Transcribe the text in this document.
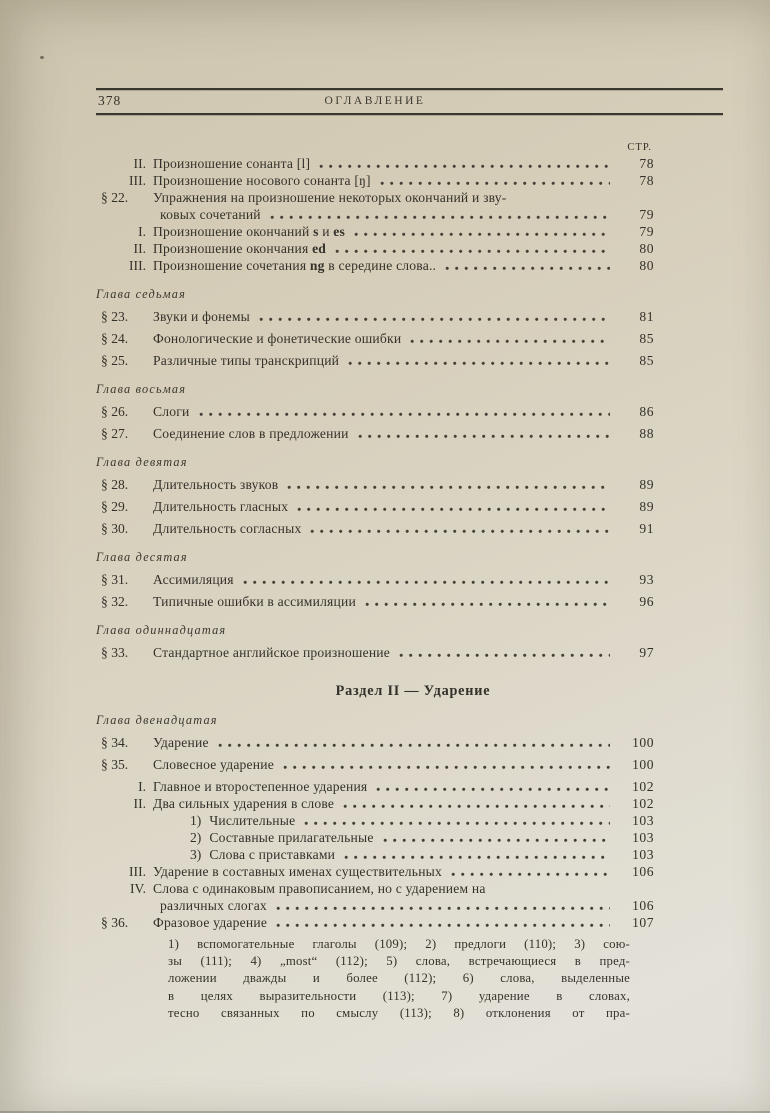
378	ОГЛАВЛЕНИЕ
СТР.
II. Произношение сонанта [l]	78
III. Произношение носового сонанта [ŋ]	78
§ 22.	Упражнения на произношение некоторых окончаний и зву-
ковых сочетаний	79
I. Произношение окончаний s и es	79
II. Произношение окончания ed	80
III. Произношение сочетания ng в середине слова..	80
Глава седьмая
§ 23.	Звуки и фонемы	81
§ 24.	Фонологические и фонетические ошибки	85
§ 25.	Различные типы транскрипций	85
Глава восьмая
§ 26.	Слоги	86
§ 27.	Соединение слов в предложении	88
Глава девятая
§ 28.	Длительность звуков	89
§ 29.	Длительность гласных	89
§ 30.	Длительность согласных	91
Глава десятая
§ 31.	Ассимиляция	93
§ 32.	Типичные ошибки в ассимиляции	96
Глава одиннадцатая
§ 33.	Стандартное английское произношение	97
Раздел II — Ударение
Глава двенадцатая
§ 34.	Ударение	100
§ 35.	Словесное ударение	100
I. Главное и второстепенное ударения	102
II. Два сильных ударения в слове	102
1) Числительные	103
2) Составные прилагательные	103
3) Слова с приставками	103
III. Ударение в составных именах существительных	106
IV. Слова с одинаковым правописанием, но с ударением на
различных слогах	106
§ 36.	Фразовое ударение	107
1) вспомогательные глаголы (109); 2) предлоги (110); 3) сою-
зы (111); 4) „most“ (112); 5) слова, встречающиеся в пред-
ложении дважды и более (112); 6) слова, выделенные
в целях выразительности (113); 7) ударение в словах,
тесно связанных по смыслу (113); 8) отклонения от пра-
